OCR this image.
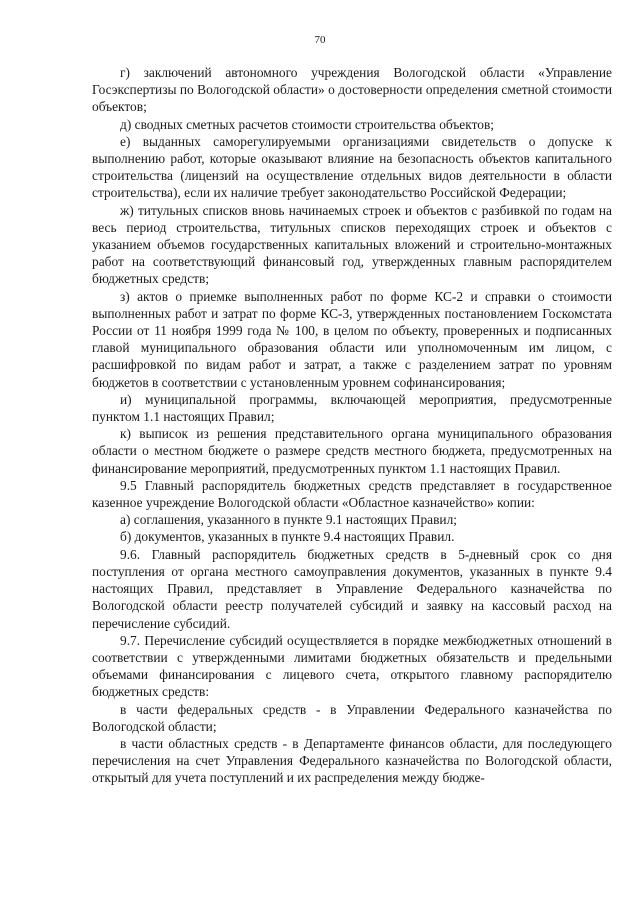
70

г) заключений автономного учреждения Вологодской области «Управление Госэкспертизы по Вологодской области» о достоверности определения сметной стоимости объектов;

д) сводных сметных расчетов стоимости строительства объектов;

е) выданных саморегулируемыми организациями свидетельств о допуске к выполнению работ, которые оказывают влияние на безопасность объектов капитального строительства (лицензий на осуществление отдельных видов деятельности в области строительства), если их наличие требует законодательство Российской Федерации;

ж) титульных списков вновь начинаемых строек и объектов с разбивкой по годам на весь период строительства, титульных списков переходящих строек и объектов с указанием объемов государственных капитальных вложений и строительно-монтажных работ на соответствующий финансовый год, утвержденных главным распорядителем бюджетных средств;

з) актов о приемке выполненных работ по форме КС-2 и справки о стоимости выполненных работ и затрат по форме КС-3, утвержденных постановлением Госкомстата России от 11 ноября 1999 года № 100, в целом по объекту, проверенных и подписанных главой муниципального образования области или уполномоченным им лицом, с расшифровкой по видам работ и затрат, а также с разделением затрат по уровням бюджетов в соответствии с установленным уровнем софинансирования;

и) муниципальной программы, включающей мероприятия, предусмотренные пунктом 1.1 настоящих Правил;

к) выписок из решения представительного органа муниципального образования области о местном бюджете о размере средств местного бюджета, предусмотренных на финансирование мероприятий, предусмотренных пунктом 1.1 настоящих Правил.

9.5 Главный распорядитель бюджетных средств представляет в государственное казенное учреждение Вологодской области «Областное казначейство» копии:

а) соглашения, указанного в пункте 9.1 настоящих Правил;

б) документов, указанных в пункте 9.4 настоящих Правил.

9.6. Главный распорядитель бюджетных средств в 5-дневный срок со дня поступления от органа местного самоуправления документов, указанных в пункте 9.4 настоящих Правил, представляет в Управление Федерального казначейства по Вологодской области реестр получателей субсидий и заявку на кассовый расход на перечисление субсидий.

9.7. Перечисление субсидий осуществляется в порядке межбюджетных отношений в соответствии с утвержденными лимитами бюджетных обязательств и предельными объемами финансирования с лицевого счета, открытого главному распорядителю бюджетных средств:

в части федеральных средств - в Управлении Федерального казначейства по Вологодской области;

в части областных средств - в Департаменте финансов области, для последующего перечисления на счет Управления Федерального казначейства по Вологодской области, открытый для учета поступлений и их распределения между бюдже-
